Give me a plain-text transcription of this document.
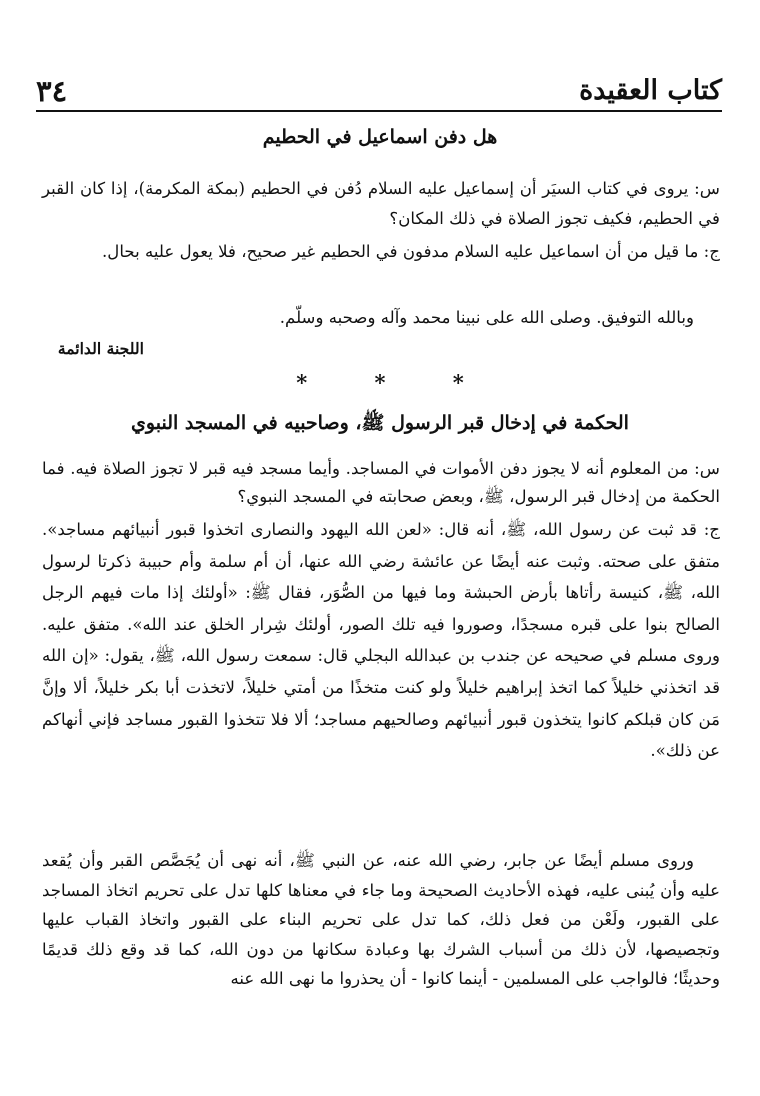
كتاب العقيدة
٣٤
هل دفن اسماعيل في الحطيم
س: يروى في كتاب السيَر أن إسماعيل عليه السلام دُفن في الحطيم (بمكة المكرمة)، إذا كان القبر في الحطيم، فكيف تجوز الصلاة في ذلك المكان؟
ج: ما قيل من أن اسماعيل عليه السلام مدفون في الحطيم غير صحيح، فلا يعول عليه بحال.
وبالله التوفيق. وصلى الله على نبينا محمد وآله وصحبه وسلّم.
اللجنة الدائمة
* * *
الحكمة في إدخال قبر الرسول ﷺ، وصاحبيه في المسجد النبوي
س: من المعلوم أنه لا يجوز دفن الأموات في المساجد. وأيما مسجد فيه قبر لا تجوز الصلاة فيه. فما الحكمة من إدخال قبر الرسول، ﷺ، وبعض صحابته في المسجد النبوي؟
ج: قد ثبت عن رسول الله، ﷺ، أنه قال: «لعن الله اليهود والنصارى اتخذوا قبور أنبيائهم مساجد». متفق على صحته. وثبت عنه أيضًا عن عائشة رضي الله عنها، أن أم سلمة وأم حبيبة ذكرتا لرسول الله، ﷺ، كنيسة رأتاها بأرض الحبشة وما فيها من الصُّوَر، فقال ﷺ: «أولئك إذا مات فيهم الرجل الصالح بنوا على قبره مسجدًا، وصوروا فيه تلك الصور، أولئك شِرار الخلق عند الله». متفق عليه. وروى مسلم في صحيحه عن جندب بن عبدالله البجلي قال: سمعت رسول الله، ﷺ، يقول: «إن الله قد اتخذني خليلاً كما اتخذ إبراهيم خليلاً ولو كنت متخذًا من أمتي خليلاً، لاتخذت أبا بكر خليلاً، ألا وإنَّ مَن كان قبلكم كانوا يتخذون قبور أنبيائهم وصالحيهم مساجد؛ ألا فلا تتخذوا القبور مساجد فإني أنهاكم عن ذلك».
وروى مسلم أيضًا عن جابر، رضي الله عنه، عن النبي ﷺ، أنه نهى أن يُجَصَّص القبر وأن يُقعد عليه وأن يُبنى عليه، فهذه الأحاديث الصحيحة وما جاء في معناها كلها تدل على تحريم اتخاذ المساجد على القبور، ولَعْن من فعل ذلك، كما تدل على تحريم البناء على القبور واتخاذ القباب عليها وتجصيصها، لأن ذلك من أسباب الشرك بها وعبادة سكانها من دون الله، كما قد وقع ذلك قديمًا وحديثًا؛ فالواجب على المسلمين - أينما كانوا - أن يحذروا ما نهى الله عنه
